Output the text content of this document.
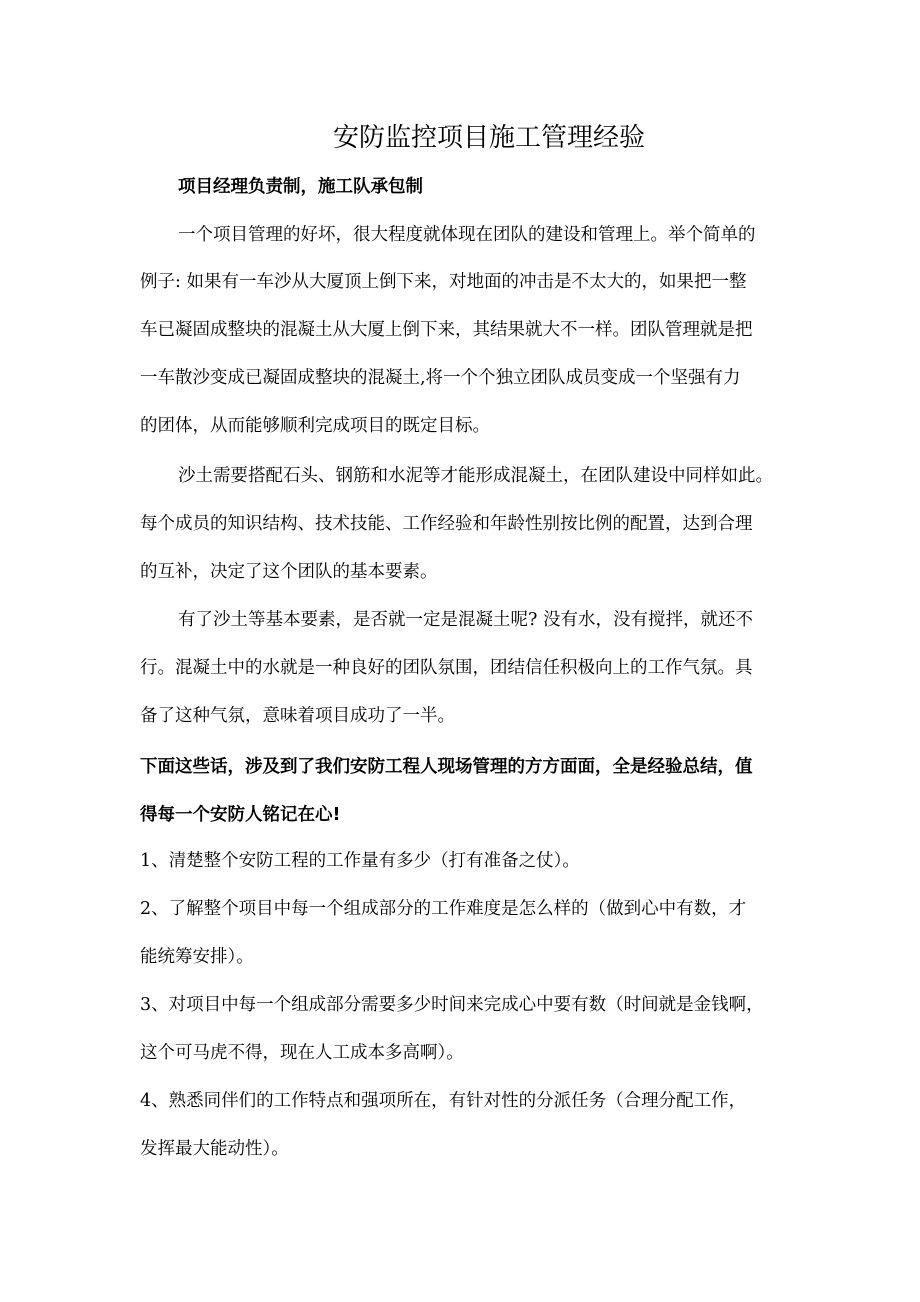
安防监控项目施工管理经验

项目经理负责制，施工队承包制

一个项目管理的好坏，很大程度就体现在团队的建设和管理上。举个简单的

例子: 如果有一车沙从大厦顶上倒下来，对地面的冲击是不太大的，如果把一整

车已凝固成整块的混凝土从大厦上倒下来，其结果就大不一样。团队管理就是把

一车散沙变成已凝固成整块的混凝土,将一个个独立团队成员变成一个坚强有力

的团体，从而能够顺利完成项目的既定目标。

沙土需要搭配石头、钢筋和水泥等才能形成混凝土，在团队建设中同样如此。

每个成员的知识结构、技术技能、工作经验和年龄性别按比例的配置，达到合理

的互补，决定了这个团队的基本要素。

有了沙土等基本要素，是否就一定是混凝土呢? 没有水，没有搅拌，就还不

行。混凝土中的水就是一种良好的团队氛围，团结信任积极向上的工作气氛。具

备了这种气氛，意味着项目成功了一半。

下面这些话，涉及到了我们安防工程人现场管理的方方面面，全是经验总结，值

得每一个安防人铭记在心!

1、清楚整个安防工程的工作量有多少（打有准备之仗）。

2、了解整个项目中每一个组成部分的工作难度是怎么样的（做到心中有数，才

能统筹安排）。

3、对项目中每一个组成部分需要多少时间来完成心中要有数（时间就是金钱啊，

这个可马虎不得，现在人工成本多高啊）。

4、熟悉同伴们的工作特点和强项所在，有针对性的分派任务（合理分配工作，

发挥最大能动性）。
